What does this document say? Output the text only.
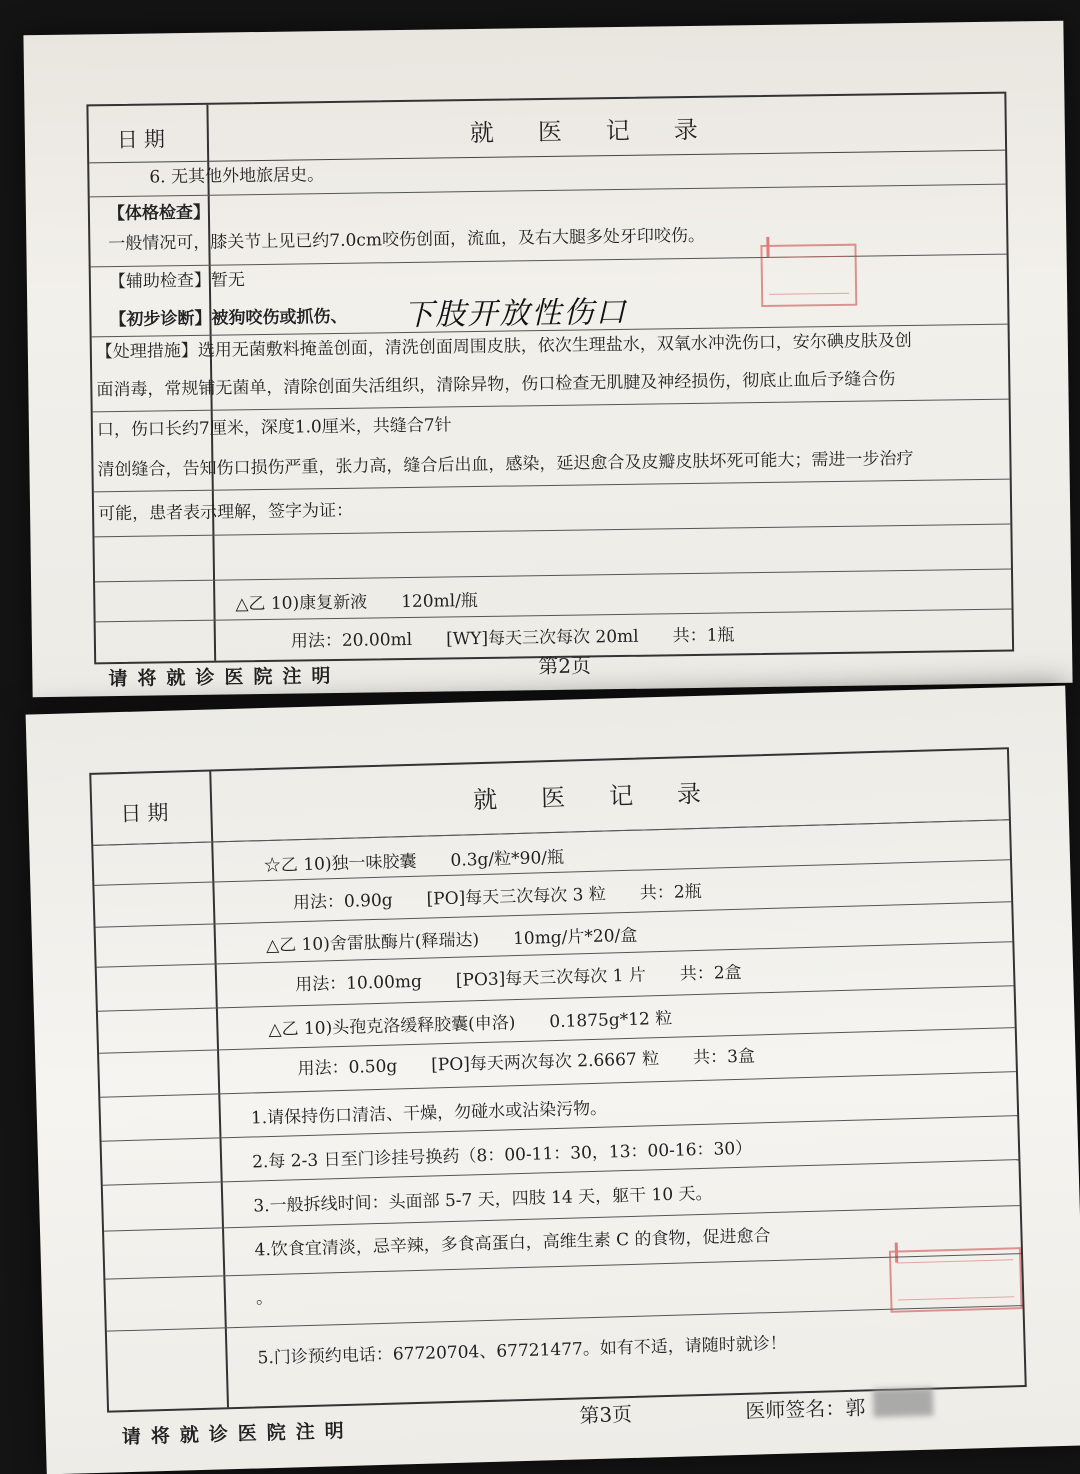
日期	就医记录
6. 无其他外地旅居史。
【体格检查】
一般情况可，膝关节上见已约7.0cm咬伤创面，流血，及右大腿多处牙印咬伤。
【辅助检查】暂无
【初步诊断】被狗咬伤或抓伤、	下肢开放性伤口
【处理措施】选用无菌敷料掩盖创面，清洗创面周围皮肤，依次生理盐水，双氧水冲洗伤口，安尔碘皮肤及创
面消毒，常规铺无菌单，清除创面失活组织，清除异物，伤口检查无肌腱及神经损伤，彻底止血后予缝合伤
口，伤口长约7厘米，深度1.0厘米，共缝合7针
清创缝合，告知伤口损伤严重，张力高，缝合后出血，感染，延迟愈合及皮瓣皮肤坏死可能大；需进一步治疗
可能，患者表示理解，签字为证：
△乙 10)康复新液　　120ml/瓶
用法：20.00ml　　[WY]每天三次每次 20ml　　共：1瓶
请将就诊医院注明	第2页
日期	就医记录
☆乙 10)独一味胶囊　　0.3g/粒*90/瓶
用法：0.90g　　[PO]每天三次每次 3 粒　　共：2瓶
△乙 10)舍雷肽酶片(释瑞达)　　10mg/片*20/盒
用法：10.00mg　　[PO3]每天三次每次 1 片　　共：2盒
△乙 10)头孢克洛缓释胶囊(申洛)　　0.1875g*12 粒
用法：0.50g　　[PO]每天两次每次 2.6667 粒　　共：3盒
1.请保持伤口清洁、干燥，勿碰水或沾染污物。
2.每 2-3 日至门诊挂号换药（8：00-11：30，13：00-16：30）
3.一般拆线时间：头面部 5-7 天，四肢 14 天，躯干 10 天。
4.饮食宜清淡，忌辛辣，多食高蛋白，高维生素 C 的食物，促进愈合
。
5.门诊预约电话：67720704、67721477。如有不适，请随时就诊！
请将就诊医院注明
第3页	医师签名：郭
